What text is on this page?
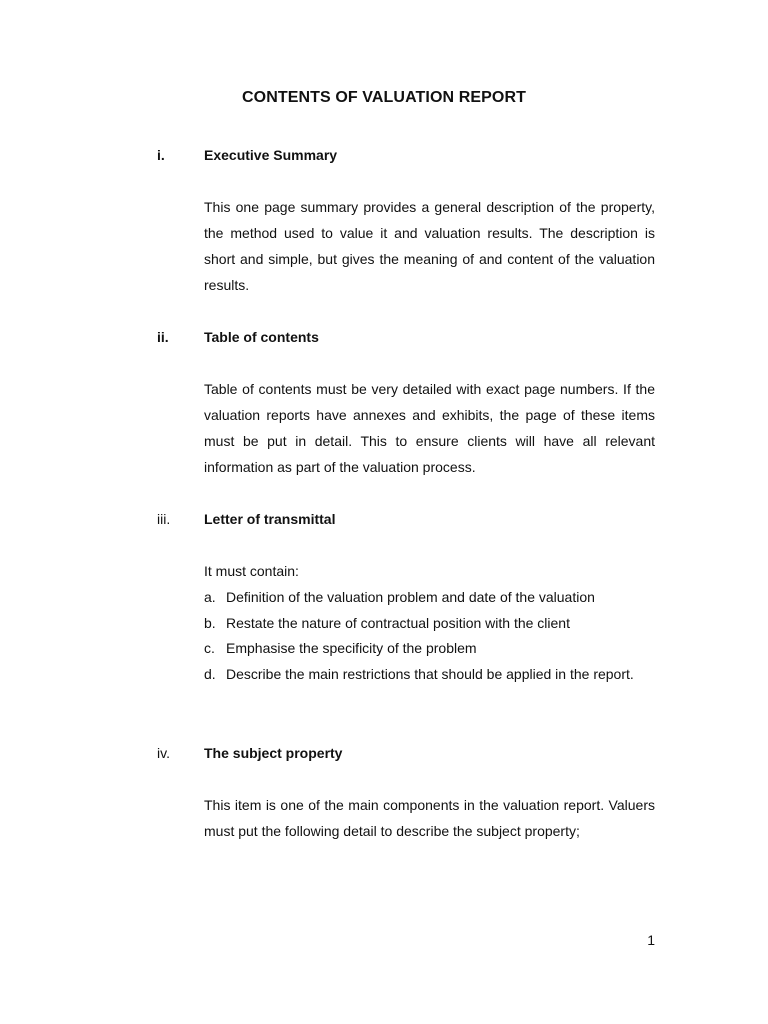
CONTENTS OF VALUATION REPORT
i.	Executive Summary
This one page summary provides a general description of the property, the method used to value it and valuation results. The description is short and simple, but gives the meaning of and content of the valuation results.
ii.	Table of contents
Table of contents must be very detailed with exact page numbers. If the valuation reports have annexes and exhibits, the page of these items must be put in detail. This to ensure clients will have all relevant information as part of the valuation process.
iii. Letter of transmittal
It must contain:
a. Definition of the valuation problem and date of the valuation
b. Restate the nature of contractual position with the client
c. Emphasise the specificity of the problem
d. Describe the main restrictions that should be applied in the report.
iv. The subject property
This item is one of the main components in the valuation report. Valuers must put the following detail to describe the subject property;
1
